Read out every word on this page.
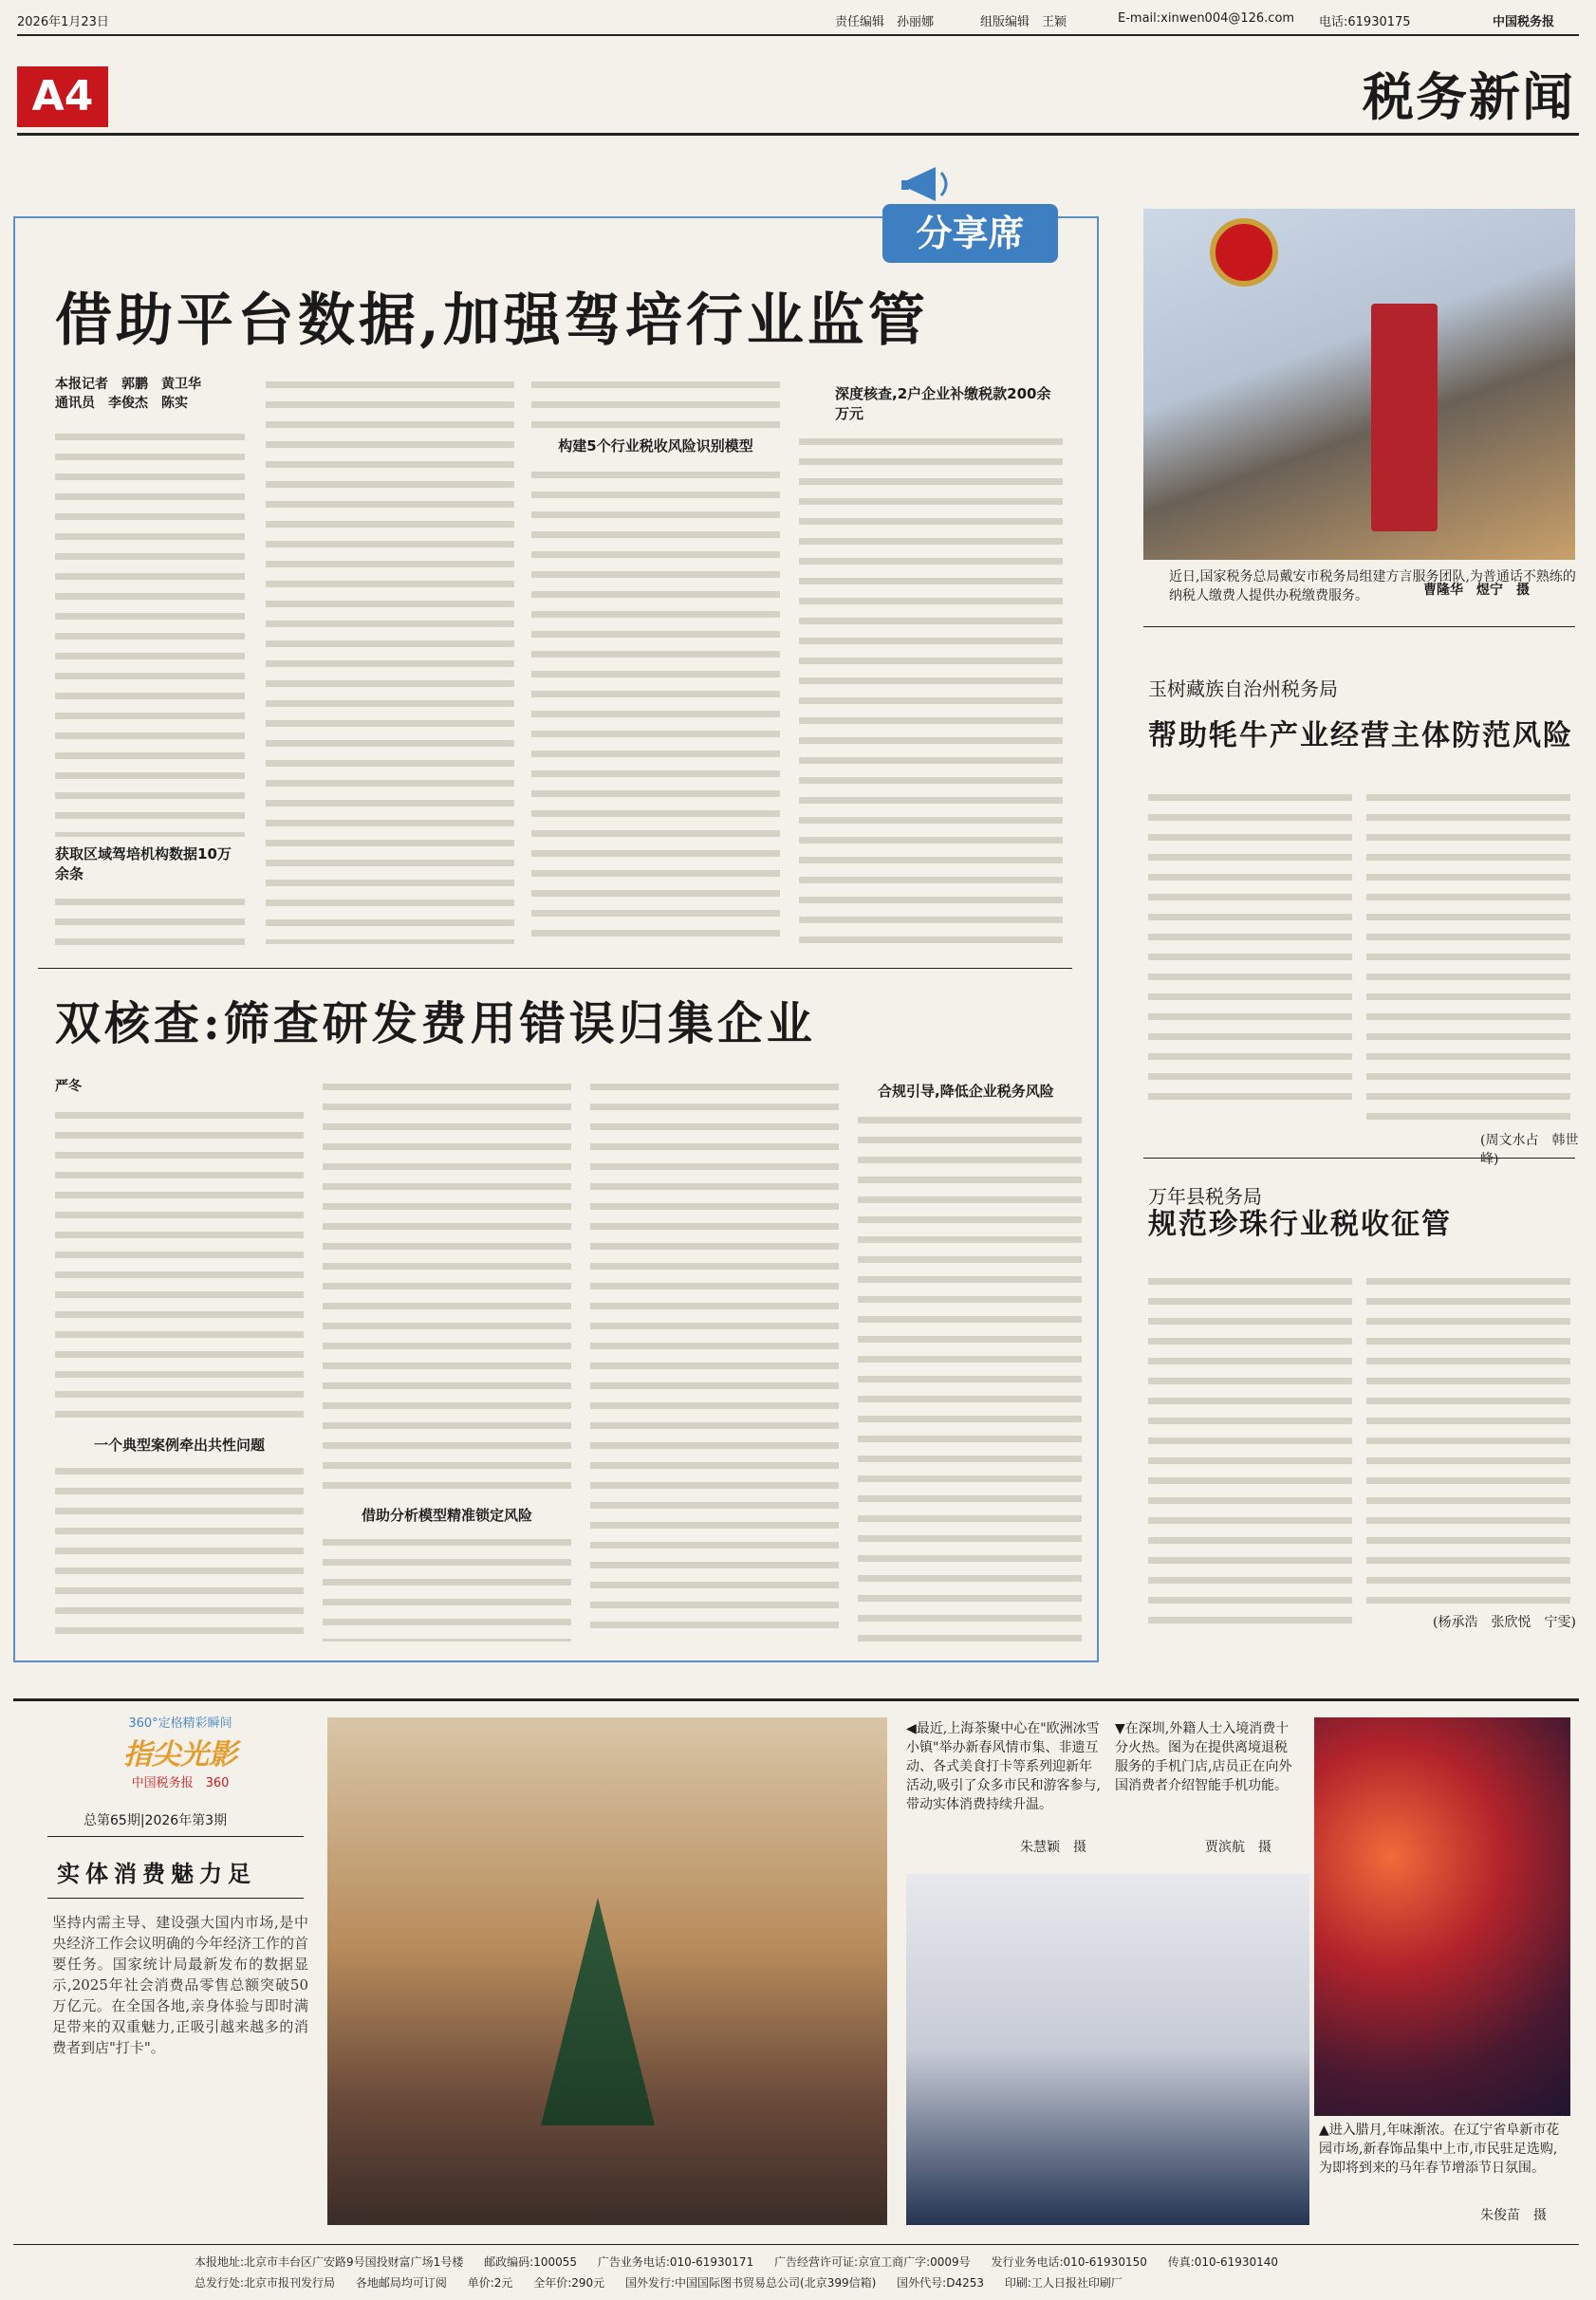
2026年1月23日	责任编辑　孙丽娜	组版编辑　王颖	E-mail:xinwen004@126.com 电话:61930175	中国税务报
A4	税务新闻
分享席
借助平台数据,加强驾培行业监管
本报记者　郭鹏　黄卫华
通讯员　李俊杰　陈实
获取区域驾培机构数据10万余条
构建5个行业税收风险识别模型
深度核查,2户企业补缴税款200余万元
双核查:筛查研发费用错误归集企业
严冬
一个典型案例牵出共性问题
借助分析模型精准锁定风险
合规引导,降低企业税务风险
近日,国家税务总局戴安市税务局组建方言服务团队,为普通话不熟练的纳税人缴费人提供办税缴费服务。	曹隆华　煜宁　摄
玉树藏族自治州税务局
帮助牦牛产业经营主体防范风险
(周文水占　韩世峰)
万年县税务局
规范珍珠行业税收征管
(杨承浩　张欣悦　宁雯)
360°定格精彩瞬间
指尖光影
中国税务报　360
总第65期|2026年第3期
实体消费魅力足
坚持内需主导、建设强大国内市场,是中央经济工作会议明确的今年经济工作的首要任务。国家统计局最新发布的数据显示,2025年社会消费品零售总额突破50万亿元。在全国各地,亲身体验与即时满足带来的双重魅力,正吸引越来越多的消费者到店"打卡"。
◀最近,上海茶聚中心在"欧洲冰雪小镇"举办新春风情市集、非遗互动、各式美食打卡等系列迎新年活动,吸引了众多市民和游客参与,带动实体消费持续升温。
朱慧颖　摄
▼在深圳,外籍人士入境消费十分火热。图为在提供离境退税服务的手机门店,店员正在向外国消费者介绍智能手机功能。
贾滨航　摄
▲进入腊月,年味渐浓。在辽宁省阜新市花园市场,新春饰品集中上市,市民驻足选购,为即将到来的马年春节增添节日氛围。
朱俊苗　摄
本报地址:北京市丰台区广安路9号国投财富广场1号楼 邮政编码:100055 广告业务电话:010-61930171 广告经营许可证:京宣工商广字:0009号 发行业务电话:010-61930150 传真:010-61930140
总发行处:北京市报刊发行局 各地邮局均可订阅 单价:2元 全年价:290元 国外发行:中国国际图书贸易总公司(北京399信箱) 国外代号:D4253 印刷:工人日报社印刷厂
